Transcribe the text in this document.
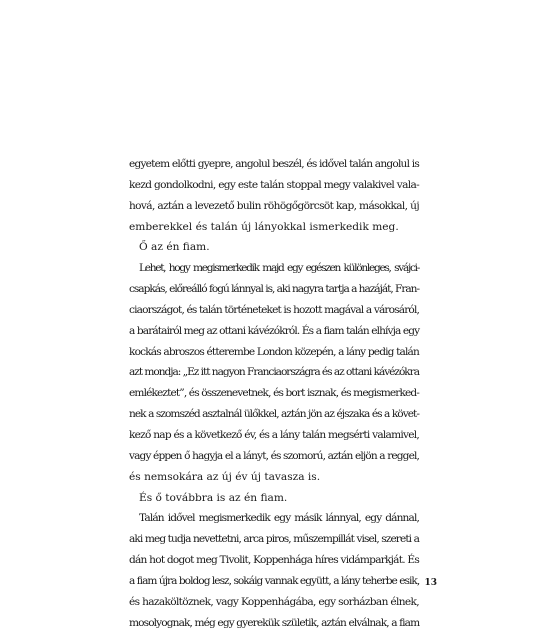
egyetem előtti gyepre, angolul beszél, és idővel talán angolul is
kezd gondolkodni, egy este talán stoppal megy valakivel vala-
hová, aztán a levezető bulin röhögőgörcsöt kap, másokkal, új
emberekkel és talán új lányokkal ismerkedik meg.
Ő az én fiam.
Lehet, hogy megismerkedik majd egy egészen különleges, svájci-
csapkás, előreálló fogú lánnyal is, aki nagyra tartja a hazáját, Fran-
ciaországot, és talán történeteket is hozott magával a városáról,
a barátairól meg az ottani kávézókról. És a fiam talán elhívja egy
kockás abroszos étterembe London közepén, a lány pedig talán
azt mondja: „Ez itt nagyon Franciaországra és az ottani kávézókra
emlékeztet”, és összenevetnek, és bort isznak, és megismerked-
nek a szomszéd asztalnál ülőkkel, aztán jön az éjszaka és a követ-
kező nap és a következő év, és a lány talán megsérti valamivel,
vagy éppen ő hagyja el a lányt, és szomorú, aztán eljön a reggel,
és nemsokára az új év új tavasza is.
És ő továbbra is az én fiam.
Talán idővel megismerkedik egy másik lánnyal, egy dánnal,
aki meg tudja nevettetni, arca piros, műszempillát visel, szereti a
dán hot dogot meg Tivolit, Koppenhága híres vidámparkját. És
a fiam újra boldog lesz, sokáig vannak együtt, a lány teherbe esik,
és hazaköltöznek, vagy Koppenhágába, egy sorházban élnek,
mosolyognak, még egy gyerekük születik, aztán elválnak, a fiam
13
